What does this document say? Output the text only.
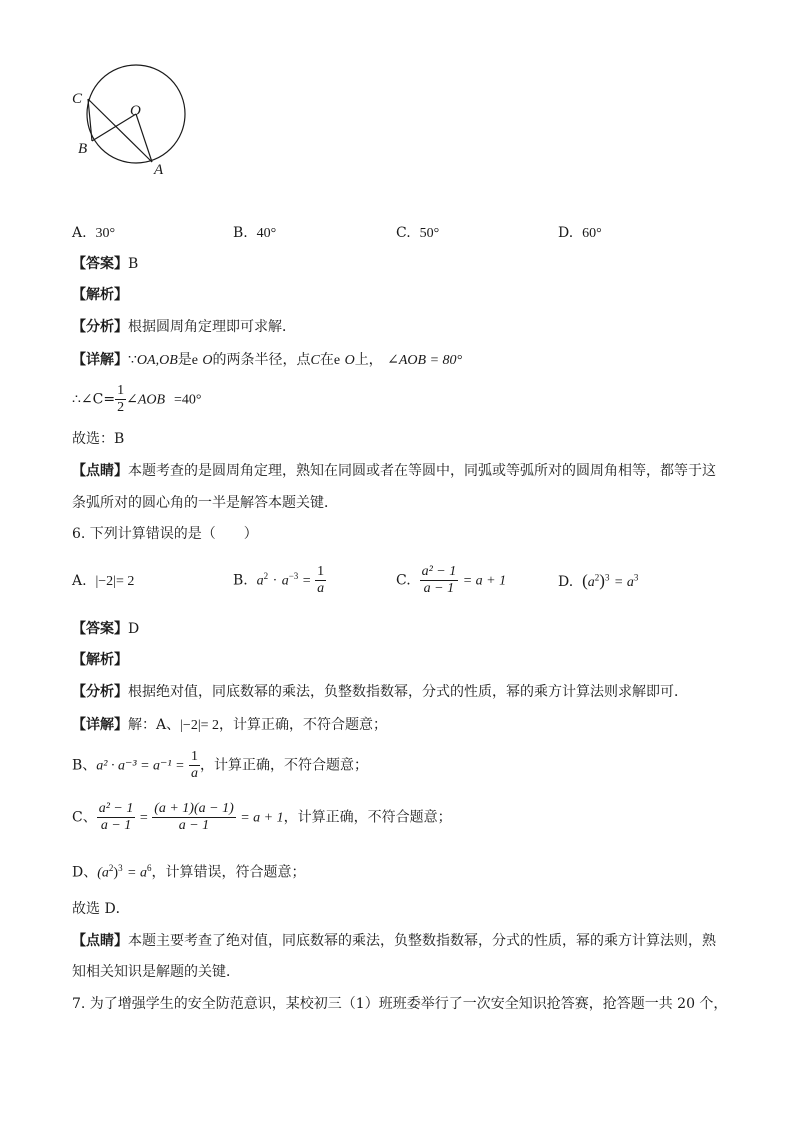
C
O
B
A
A. 30°	B. 40°	C. 50°	D. 60°
【答案】B
【解析】
【分析】根据圆周角定理即可求解．
【详解】∵OA,OB是e O的两条半径，点C在e O上， ∠AOB = 80°
∴∠C= $\frac{1}{2}$ ∠AOB =40°
故选：B
【点睛】本题考查的是圆周角定理，熟知在同圆或者在等圆中，同弧或等弧所对的圆周角相等，都等于这
条弧所对的圆心角的一半是解答本题关键．
6. 下列计算错误的是（　　）
A. |−2|= 2	B. $a^2 \cdot a^{-3} = \frac{1}{a}$	C. $\frac{\text{a² − 1}}{a - 1} = a + 1$	D. $(a^2)^3 = a^3$
【答案】D
【解析】
【分析】根据绝对值，同底数幂的乘法，负整数指数幂，分式的性质，幂的乘方计算法则求解即可．
【详解】解：A、|−2|= 2，计算正确，不符合题意；
B、$a^2 \cdot a^{-3} = a^{-1} = \frac{1}{a}$ ，计算正确，不符合题意；
C、 $\frac{\text{a² − 1}}{a - 1} = \frac{(a + 1)(a - 1)}{a - 1} = a + 1$，计算正确，不符合题意；
D、$(a^2)^3 = a^6$，计算错误，符合题意；
故选 D．
【点睛】本题主要考查了绝对值，同底数幂的乘法，负整数指数幂，分式的性质，幂的乘方计算法则，熟
知相关知识是解题的关键．
7. 为了增强学生的安全防范意识，某校初三（1）班班委举行了一次安全知识抢答赛，抢答题一共 20 个，
